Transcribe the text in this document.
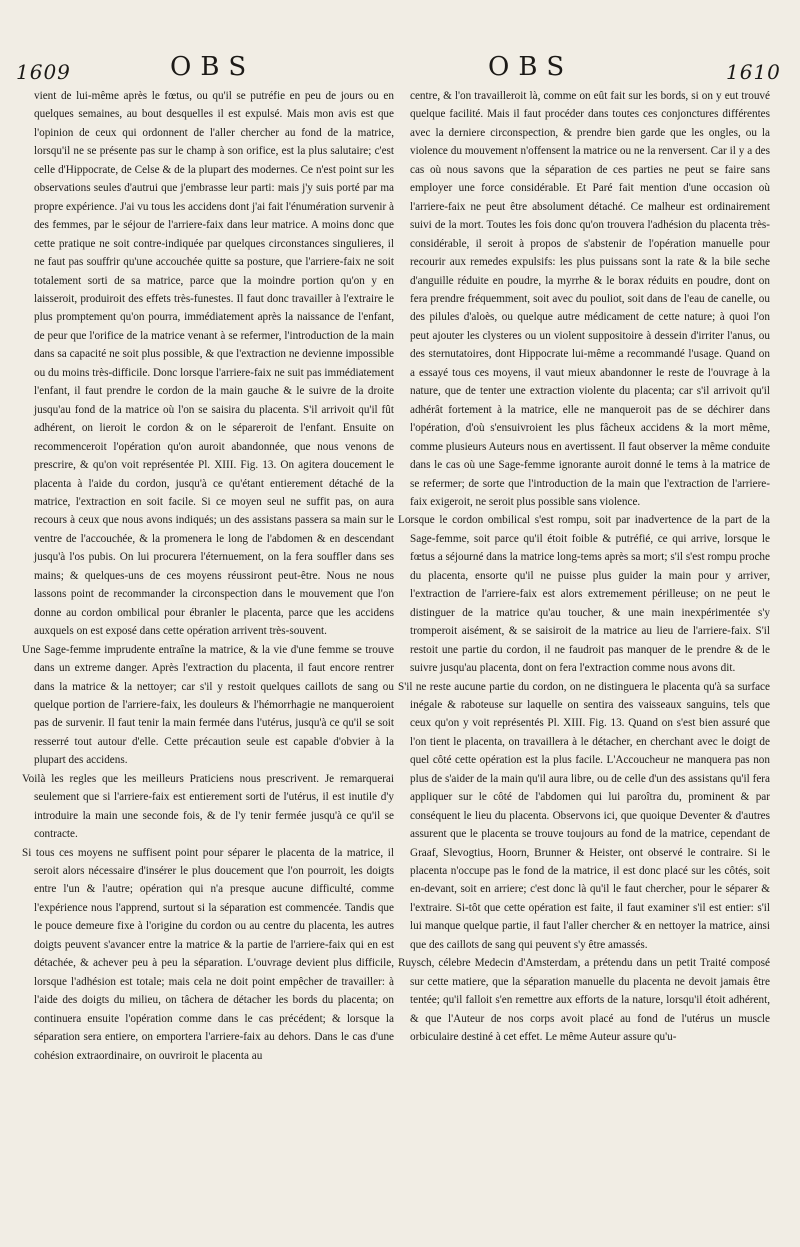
1609	OBS	OBS	1610

vient de lui-même après le fœtus, ou qu'il se putréfie en peu de jours ou en quelques semaines, au bout desquelles il est expulsé. Mais mon avis est que l'opinion de ceux qui ordonnent de l'aller chercher au fond de la matrice, lorsqu'il ne se présente pas sur le champ à son orifice, est la plus salutaire; c'est celle d'Hippocrate, de Celse & de la plupart des modernes. Ce n'est point sur les observations seules d'autrui que j'embrasse leur parti: mais j'y suis porté par ma propre expérience. J'ai vu tous les accidens dont j'ai fait l'énumération survenir à des femmes, par le séjour de l'arriere-faix dans leur matrice. A moins donc que cette pratique ne soit contre-indiquée par quelques circonstances singulieres, il ne faut pas souffrir qu'une accouchée quitte sa posture, que l'arriere-faix ne soit totalement sorti de sa matrice, parce que la moindre portion qu'on y en laisseroit, produiroit des effets très-funestes. Il faut donc travailler à l'extraire le plus promptement qu'on pourra, immédiatement après la naissance de l'enfant, de peur que l'orifice de la matrice venant à se refermer, l'introduction de la main dans sa capacité ne soit plus possible, & que l'extraction ne devienne impossible ou du moins très-difficile. Donc lorsque l'arriere-faix ne suit pas immédiatement l'enfant, il faut prendre le cordon de la main gauche & le suivre de la droite jusqu'au fond de la matrice où l'on se saisira du placenta. S'il arrivoit qu'il fût adhérent, on lieroit le cordon & on le sépareroit de l'enfant. Ensuite on recommenceroit l'opération qu'on auroit abandonnée, que nous venons de prescrire, & qu'on voit représentée Pl. XIII. Fig. 13. On agitera doucement le placenta à l'aide du cordon, jusqu'à ce qu'étant entierement détaché de la matrice, l'extraction en soit facile. Si ce moyen seul ne suffit pas, on aura recours à ceux que nous avons indiqués; un des assistans passera sa main sur le ventre de l'accouchée, & la promenera le long de l'abdomen & en descendant jusqu'à l'os pubis. On lui procurera l'éternuement, on la fera souffler dans ses mains; & quelques-uns de ces moyens réussiront peut-être. Nous ne nous lassons point de recommander la circonspection dans le mouvement que l'on donne au cordon ombilical pour ébranler le placenta, parce que les accidens auxquels on est exposé dans cette opération arrivent très-souvent.

Une Sage-femme imprudente entraîne la matrice, & la vie d'une femme se trouve dans un extreme danger. Après l'extraction du placenta, il faut encore rentrer dans la matrice & la nettoyer; car s'il y restoit quelques caillots de sang ou quelque portion de l'arriere-faix, les douleurs & l'hémorrhagie ne manqueroient pas de survenir. Il faut tenir la main fermée dans l'utérus, jusqu'à ce qu'il se soit resserré tout autour d'elle. Cette précaution seule est capable d'obvier à la plupart des accidens.

Voilà les regles que les meilleurs Praticiens nous prescrivent. Je remarquerai seulement que si l'arriere-faix est entierement sorti de l'utérus, il est inutile d'y introduire la main une seconde fois, & de l'y tenir fermée jusqu'à ce qu'il se contracte.

Si tous ces moyens ne suffisent point pour séparer le placenta de la matrice, il seroit alors nécessaire d'insérer le plus doucement que l'on pourroit, les doigts entre l'un & l'autre; opération qui n'a presque aucune difficulté, comme l'expérience nous l'apprend, surtout si la séparation est commencée. Tandis que le pouce demeure fixe à l'origine du cordon ou au centre du placenta, les autres doigts peuvent s'avancer entre la matrice & la partie de l'arriere-faix qui en est détachée, & achever peu à peu la séparation. L'ouvrage devient plus difficile, lorsque l'adhésion est totale; mais cela ne doit point empêcher de travailler: à l'aide des doigts du milieu, on tâchera de détacher les bords du placenta; on continuera ensuite l'opération comme dans le cas précédent; & lorsque la séparation sera entiere, on emportera l'arriere-faix au dehors. Dans le cas d'une cohésion extraordinaire, on ouvriroit le placenta au

centre, & l'on travailleroit là, comme on eût fait sur les bords, si on y eut trouvé quelque facilité. Mais il faut procéder dans toutes ces conjonctures différentes avec la derniere circonspection, & prendre bien garde que les ongles, ou la violence du mouvement n'offensent la matrice ou ne la renversent. Car il y a des cas où nous savons que la séparation de ces parties ne peut se faire sans employer une force considérable. Et Paré fait mention d'une occasion où l'arriere-faix ne peut être absolument détaché. Ce malheur est ordinairement suivi de la mort. Toutes les fois donc qu'on trouvera l'adhésion du placenta très-considérable, il seroit à propos de s'abstenir de l'opération manuelle pour recourir aux remedes expulsifs: les plus puissans sont la rate & la bile seche d'anguille réduite en poudre, la myrrhe & le borax réduits en poudre, dont on fera prendre fréquemment, soit avec du pouliot, soit dans de l'eau de canelle, ou des pilules d'aloès, ou quelque autre médicament de cette nature; à quoi l'on peut ajouter les clysteres ou un violent suppositoire à dessein d'irriter l'anus, ou des sternutatoires, dont Hippocrate lui-même a recommandé l'usage. Quand on a essayé tous ces moyens, il vaut mieux abandonner le reste de l'ouvrage à la nature, que de tenter une extraction violente du placenta; car s'il arrivoit qu'il adhérât fortement à la matrice, elle ne manqueroit pas de se déchirer dans l'opération, d'où s'ensuivroient les plus fâcheux accidens & la mort même, comme plusieurs Auteurs nous en avertissent. Il faut observer la même conduite dans le cas où une Sage-femme ignorante auroit donné le tems à la matrice de se refermer; de sorte que l'introduction de la main que l'extraction de l'arriere-faix exigeroit, ne seroit plus possible sans violence.

Lorsque le cordon ombilical s'est rompu, soit par inadvertence de la part de la Sage-femme, soit parce qu'il étoit foible & putréfié, ce qui arrive, lorsque le fœtus a séjourné dans la matrice long-tems après sa mort; s'il s'est rompu proche du placenta, ensorte qu'il ne puisse plus guider la main pour y arriver, l'extraction de l'arriere-faix est alors extremement périlleuse; on ne peut le distinguer de la matrice qu'au toucher, & une main inexpérimentée s'y tromperoit aisément, & se saisiroit de la matrice au lieu de l'arriere-faix. S'il restoit une partie du cordon, il ne faudroit pas manquer de le prendre & de le suivre jusqu'au placenta, dont on fera l'extraction comme nous avons dit.

S'il ne reste aucune partie du cordon, on ne distinguera le placenta qu'à sa surface inégale & raboteuse sur laquelle on sentira des vaisseaux sanguins, tels que ceux qu'on y voit représentés Pl. XIII. Fig. 13. Quand on s'est bien assuré que l'on tient le placenta, on travaillera à le détacher, en cherchant avec le doigt de quel côté cette opération est la plus facile. L'Accoucheur ne manquera pas non plus de s'aider de la main qu'il aura libre, ou de celle d'un des assistans qu'il fera appliquer sur le côté de l'abdomen qui lui paroîtra du, prominent & par conséquent le lieu du placenta. Observons ici, que quoique Deventer & d'autres assurent que le placenta se trouve toujours au fond de la matrice, cependant de Graaf, Slevogtius, Hoorn, Brunner & Heister, ont observé le contraire. Si le placenta n'occupe pas le fond de la matrice, il est donc placé sur les côtés, soit en-devant, soit en arriere; c'est donc là qu'il le faut chercher, pour le séparer & l'extraire. Si-tôt que cette opération est faite, il faut examiner s'il est entier: s'il lui manque quelque partie, il faut l'aller chercher & en nettoyer la matrice, ainsi que des caillots de sang qui peuvent s'y être amassés.

Ruysch, célebre Medecin d'Amsterdam, a prétendu dans un petit Traité composé sur cette matiere, que la séparation manuelle du placenta ne devoit jamais être tentée; qu'il falloit s'en remettre aux efforts de la nature, lorsqu'il étoit adhérent, & que l'Auteur de nos corps avoit placé au fond de l'utérus un muscle orbiculaire destiné à cet effet. Le même Auteur assure qu'u-
